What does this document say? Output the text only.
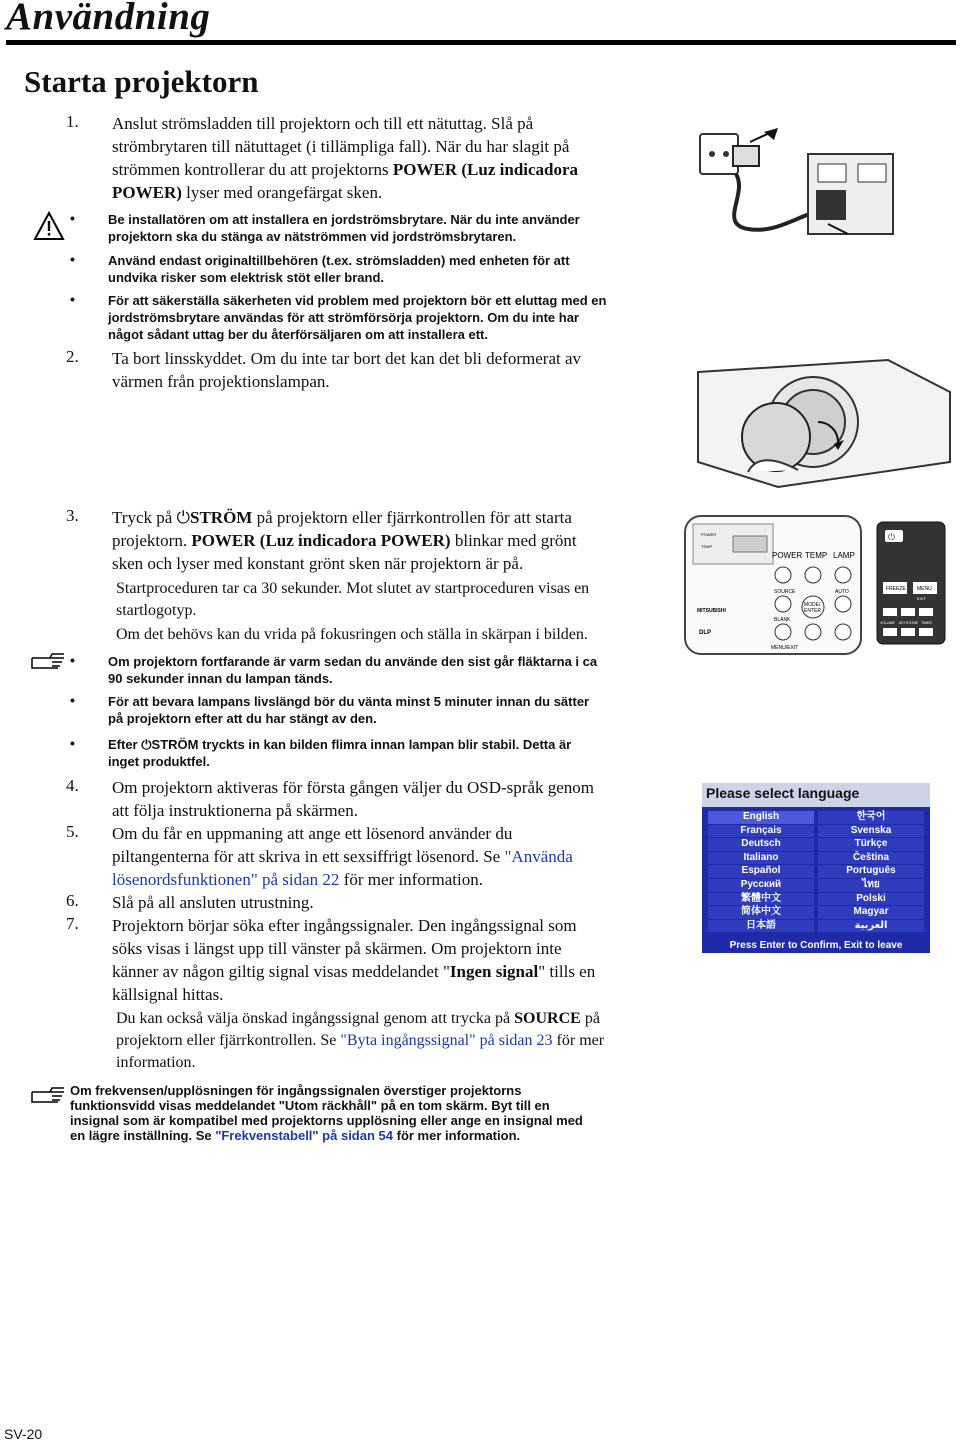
Användning
Starta projektorn
1.	Anslut strömsladden till projektorn och till ett nätuttag. Slå på
strömbrytaren till nätuttaget (i tillämpliga fall). När du har slagit på
strömmen kontrollerar du att projektorns POWER (Luz indicadora
POWER) lyser med orangefärgat sken.
•	Be installatören om att installera en jordströmsbrytare. När du inte använder
projektorn ska du stänga av nätströmmen vid jordströmsbrytaren.
•	Använd endast originaltillbehören (t.ex. strömsladden) med enheten för att
undvika risker som elektrisk stöt eller brand.
•	För att säkerställa säkerheten vid problem med projektorn bör ett eluttag med en
jordströmsbrytare användas för att strömförsörja projektorn. Om du inte har
något sådant uttag ber du återförsäljaren om att installera ett.
2.	Ta bort linsskyddet. Om du inte tar bort det kan det bli deformerat av
värmen från projektionslampan.
3.	Tryck på ⏻STRÖM på projektorn eller fjärrkontrollen för att starta
projektorn. POWER (Luz indicadora POWER) blinkar med grönt
sken och lyser med konstant grönt sken när projektorn är på.
Startproceduren tar ca 30 sekunder. Mot slutet av startproceduren visas en
startlogotyp.
Om det behövs kan du vrida på fokusringen och ställa in skärpan i bilden.
•	Om projektorn fortfarande är varm sedan du använde den sist går fläktarna i ca
90 sekunder innan du lampan tänds.
•	För att bevara lampans livslängd bör du vänta minst 5 minuter innan du sätter
på projektorn efter att du har stängt av den.
•	Efter ⏻STRÖM tryckts in kan bilden flimra innan lampan blir stabil. Detta är
inget produktfel.
POWER
TEMP
POWER TEMP LAMP
SOURCE	AUTO
MODE/
ENTER
BLANK
MENU/EXIT
MITSUBISHI
DLP
⏻
FREEZE MENU
EXIT
VOLUME KEYSTONE TIMER
4.	Om projektorn aktiveras för första gången väljer du OSD-språk genom
att följa instruktionerna på skärmen.
5.	Om du får en uppmaning att ange ett lösenord använder du
piltangenterna för att skriva in ett sexsiffrigt lösenord. Se "Använda
lösenordsfunktionen" på sidan 22 för mer information.
6.	Slå på all ansluten utrustning.
7.	Projektorn börjar söka efter ingångssignaler. Den ingångssignal som
söks visas i längst upp till vänster på skärmen. Om projektorn inte
känner av någon giltig signal visas meddelandet "Ingen signal" tills en
källsignal hittas.
Du kan också välja önskad ingångssignal genom att trycka på SOURCE på
projektorn eller fjärrkontrollen. Se "Byta ingångssignal" på sidan 23 för mer
information.
Please select language
English	한국어
Français	Svenska
Deutsch	Türkçe
Italiano	Čeština
Español	Português
Русский	ไทย
繁體中文	Polski
简体中文	Magyar
日本語	العربية
Press Enter to Confirm, Exit to leave
Om frekvensen/upplösningen för ingångssignalen överstiger projektorns
funktionsvidd visas meddelandet "Utom räckhåll" på en tom skärm. Byt till en
insignal som är kompatibel med projektorns upplösning eller ange en insignal med
en lägre inställning. Se "Frekvenstabell" på sidan 54 för mer information.
SV-20
